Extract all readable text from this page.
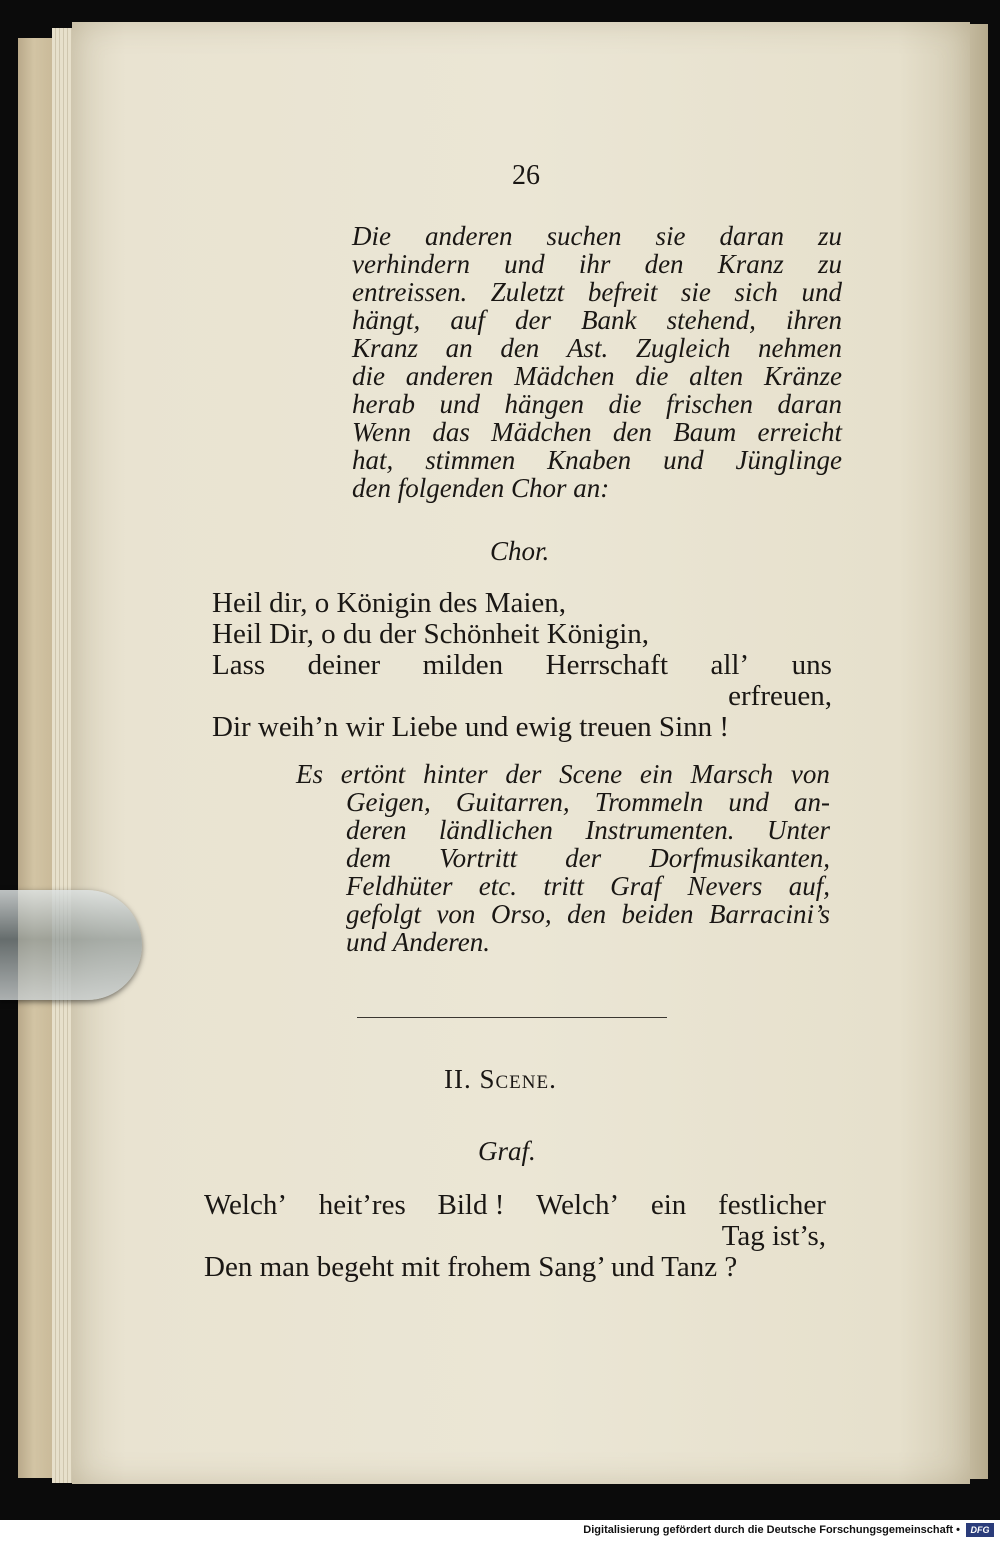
26
Die anderen suchen sie daran zu
verhindern und ihr den Kranz zu
entreissen. Zuletzt befreit sie sich und
hängt, auf der Bank stehend, ihren
Kranz an den Ast. Zugleich nehmen
die anderen Mädchen die alten Kränze
herab und hängen die frischen daran
Wenn das Mädchen den Baum erreicht
hat, stimmen Knaben und Jünglinge
den folgenden Chor an:
Chor.
Heil dir, o Königin des Maien,
Heil Dir, o du der Schönheit Königin,
Lass deiner milden Herrschaft all’ uns
erfreuen,
Dir weih’n wir Liebe und ewig treuen Sinn !
Es ertönt hinter der Scene ein Marsch von
Geigen, Guitarren, Trommeln und an-
deren ländlichen Instrumenten. Unter
dem Vortritt der Dorfmusikanten,
Feldhüter etc. tritt Graf Nevers auf,
gefolgt von Orso, den beiden Barracini’s
und Anderen.
II. Scene.
Graf.
Welch’ heit’res Bild ! Welch’ ein festlicher
Tag ist’s,
Den man begeht mit frohem Sang’ und Tanz ?
Digitalisierung gefördert durch die Deutsche Forschungsgemeinschaft •	DFG
